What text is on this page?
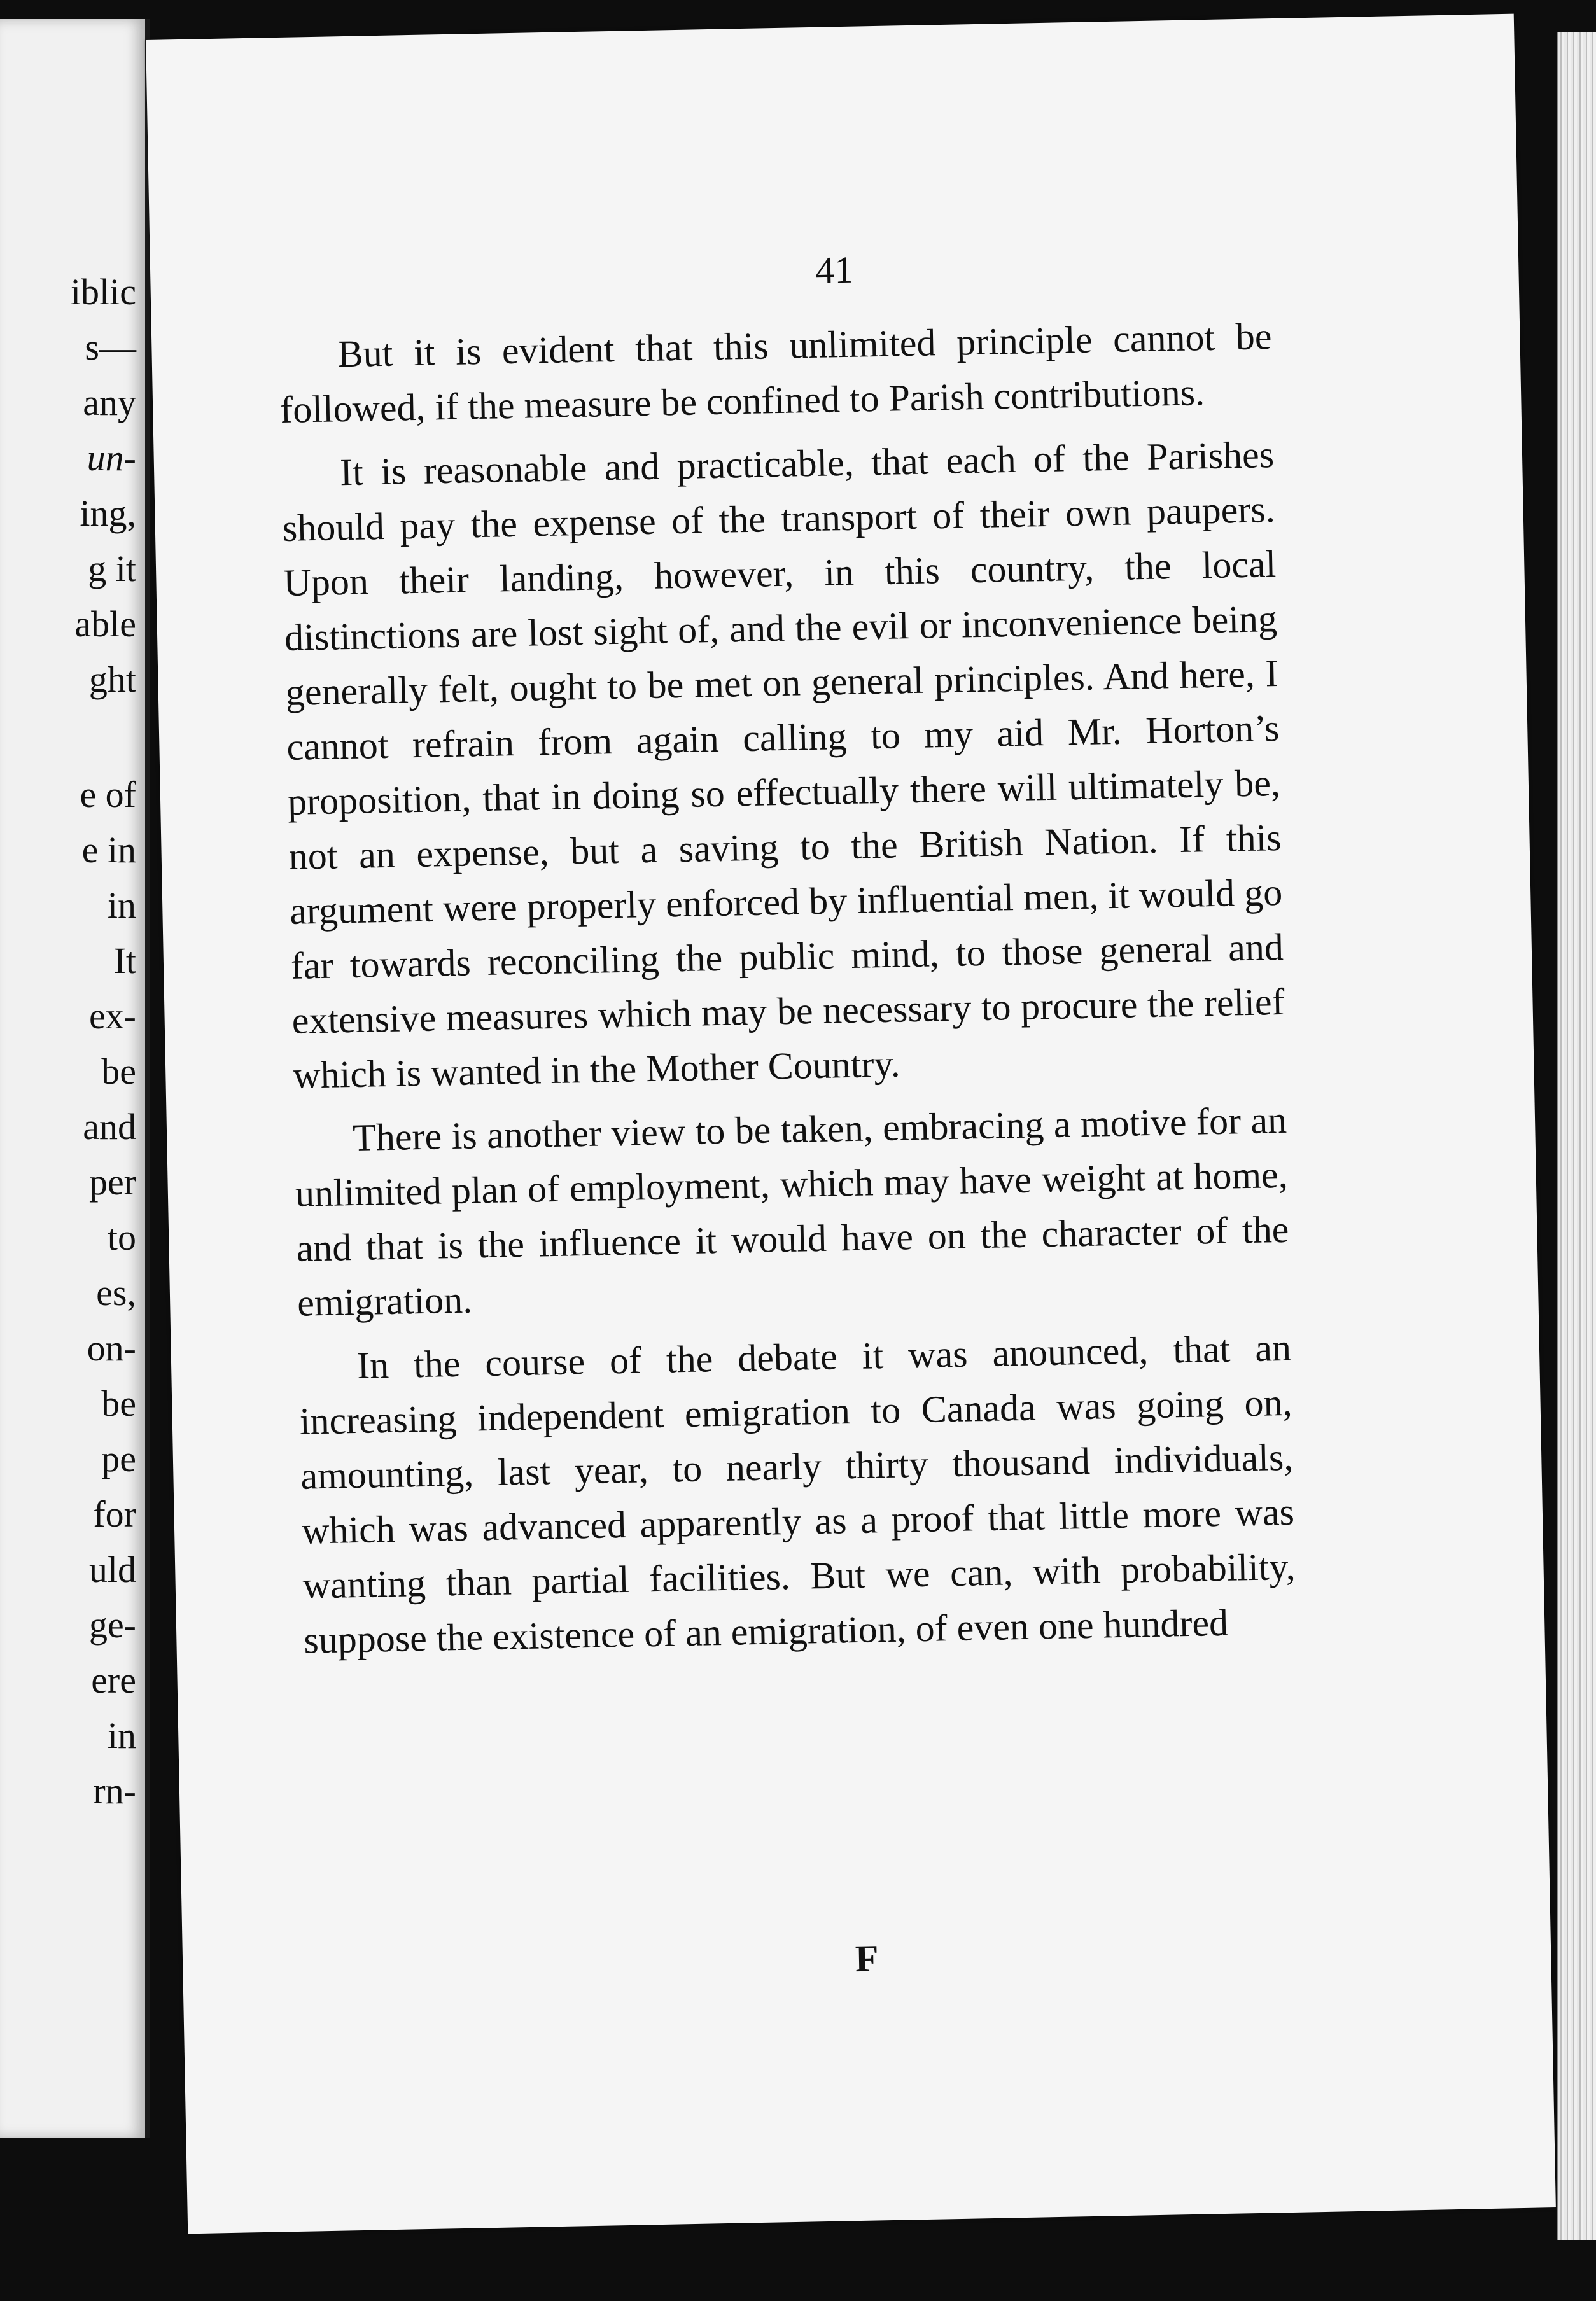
iblic
s—
any
un-
ing,
g it
able
ght
e of
e in
in
It
ex-
be
and
per
to
es,
on-
be
pe
for
uld
ge-
ere
in
rn-
41

But it is evident that this unlimited principle cannot be followed, if the measure be confined to Parish contributions.

It is reasonable and practicable, that each of the Parishes should pay the expense of the transport of their own paupers. Upon their landing, however, in this country, the local distinctions are lost sight of, and the evil or inconvenience being generally felt, ought to be met on general principles. And here, I cannot refrain from again calling to my aid Mr. Horton’s proposition, that in doing so effectually there will ultimately be, not an expense, but a saving to the British Nation. If this argument were properly enforced by influential men, it would go far towards reconciling the public mind, to those general and extensive measures which may be necessary to procure the relief which is wanted in the Mother Country.

There is another view to be taken, embracing a motive for an unlimited plan of employment, which may have weight at home, and that is the influence it would have on the character of the emigration.

In the course of the debate it was anounced, that an increasing independent emigration to Canada was going on, amounting, last year, to nearly thirty thousand individuals, which was advanced apparently as a proof that little more was wanting than partial facilities. But we can, with probability, suppose the existence of an emigration, of even one hundred

F
